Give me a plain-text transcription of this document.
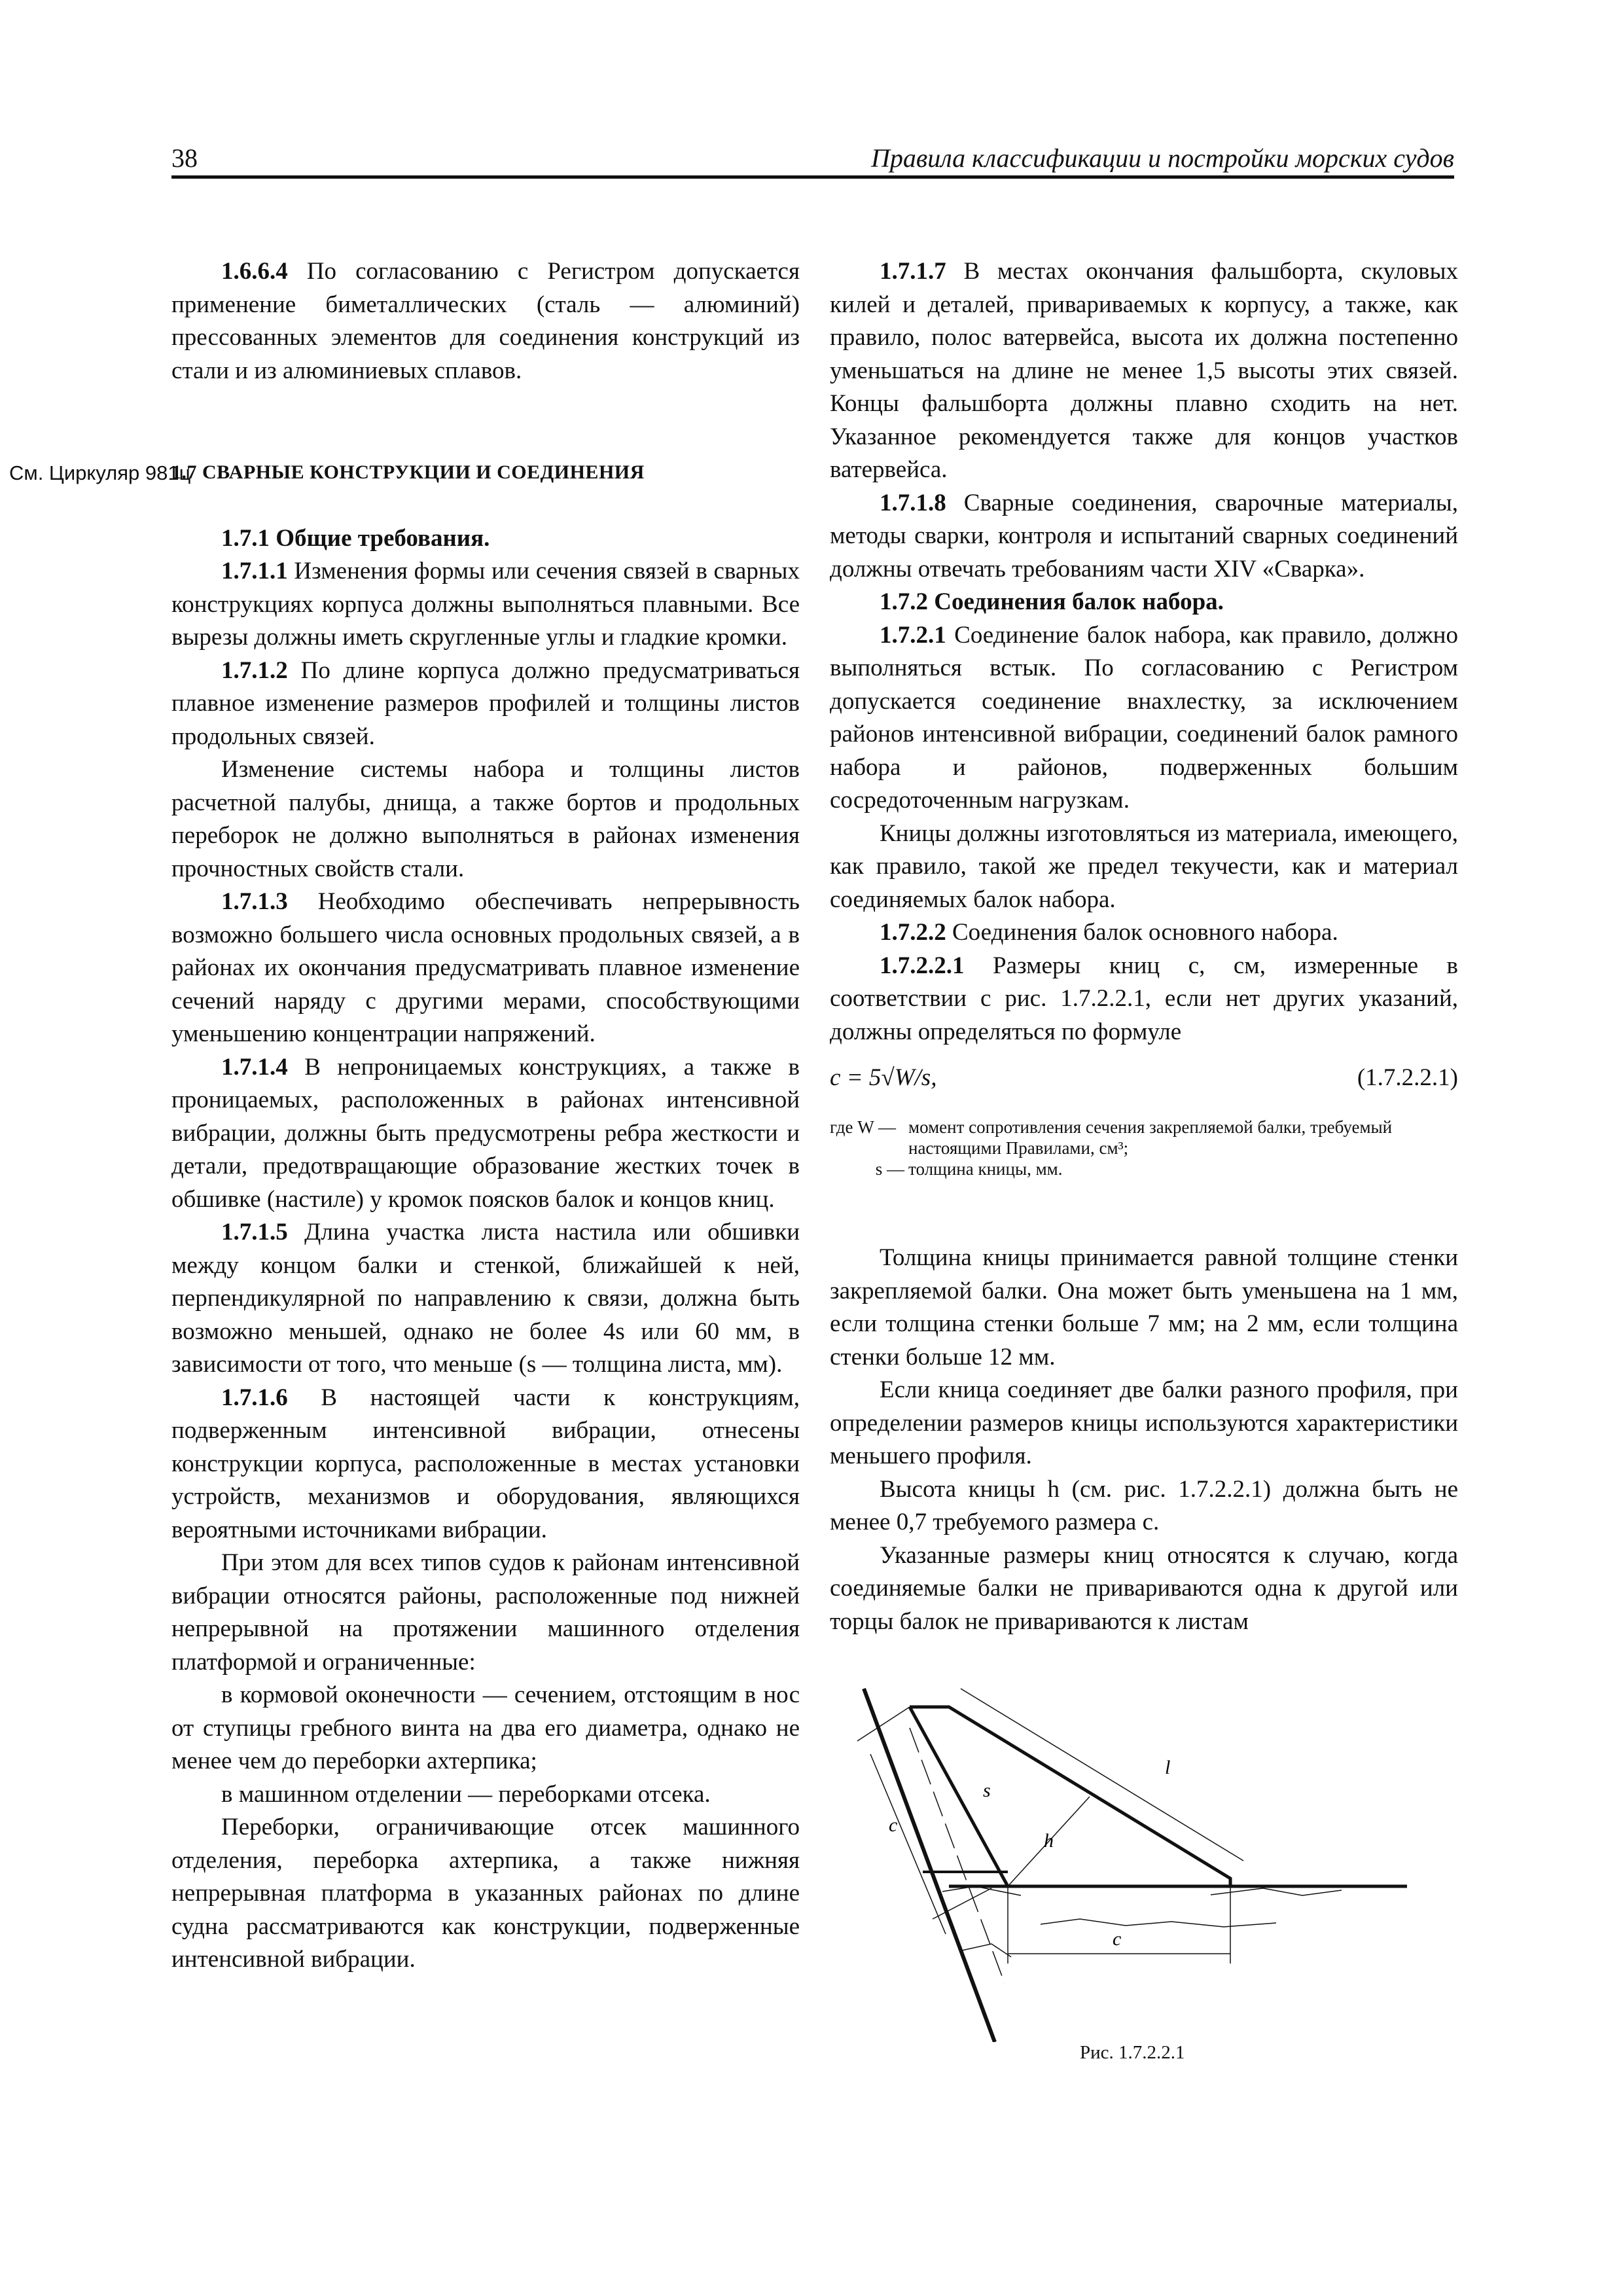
38	Правила классификации и постройки морских судов
См. Циркуляр 981ц

1.6.6.4 По согласованию с Регистром допускается применение биметаллических (сталь — алюминий) прессованных элементов для соединения конструкций из стали и из алюминиевых сплавов.

1.7 СВАРНЫЕ КОНСТРУКЦИИ И СОЕДИНЕНИЯ

1.7.1 Общие требования.

1.7.1.1 Изменения формы или сечения связей в сварных конструкциях корпуса должны выполняться плавными. Все вырезы должны иметь скругленные углы и гладкие кромки.

1.7.1.2 По длине корпуса должно предусматриваться плавное изменение размеров профилей и толщины листов продольных связей.

Изменение системы набора и толщины листов расчетной палубы, днища, а также бортов и продольных переборок не должно выполняться в районах изменения прочностных свойств стали.

1.7.1.3 Необходимо обеспечивать непрерывность возможно большего числа основных продольных связей, а в районах их окончания предусматривать плавное изменение сечений наряду с другими мерами, способствующими уменьшению концентрации напряжений.

1.7.1.4 В непроницаемых конструкциях, а также в проницаемых, расположенных в районах интенсивной вибрации, должны быть предусмотрены ребра жесткости и детали, предотвращающие образование жестких точек в обшивке (настиле) у кромок поясков балок и концов книц.

1.7.1.5 Длина участка листа настила или обшивки между концом балки и стенкой, ближайшей к ней, перпендикулярной по направлению к связи, должна быть возможно меньшей, однако не более 4s или 60 мм, в зависимости от того, что меньше (s — толщина листа, мм).

1.7.1.6 В настоящей части к конструкциям, подверженным интенсивной вибрации, отнесены конструкции корпуса, расположенные в местах установки устройств, механизмов и оборудования, являющихся вероятными источниками вибрации.

При этом для всех типов судов к районам интенсивной вибрации относятся районы, расположенные под нижней непрерывной на протяжении машинного отделения платформой и ограниченные:

в кормовой оконечности — сечением, отстоящим в нос от ступицы гребного винта на два его диаметра, однако не менее чем до переборки ахтерпика;

в машинном отделении — переборками отсека.

Переборки, ограничивающие отсек машинного отделения, переборка ахтерпика, а также нижняя непрерывная платформа в указанных районах по длине судна рассматриваются как конструкции, подверженные интенсивной вибрации.

1.7.1.7 В местах окончания фальшборта, скуловых килей и деталей, привариваемых к корпусу, а также, как правило, полос ватервейса, высота их должна постепенно уменьшаться на длине не менее 1,5 высоты этих связей. Концы фальшборта должны плавно сходить на нет. Указанное рекомендуется также для концов участков ватервейса.

1.7.1.8 Сварные соединения, сварочные материалы, методы сварки, контроля и испытаний сварных соединений должны отвечать требованиям части XIV «Сварка».

1.7.2 Соединения балок набора.

1.7.2.1 Соединение балок набора, как правило, должно выполняться встык. По согласованию с Регистром допускается соединение внахлестку, за исключением районов интенсивной вибрации, соединений балок рамного набора и районов, подверженных большим сосредоточенным нагрузкам.

Кницы должны изготовляться из материала, имеющего, как правило, такой же предел текучести, как и материал соединяемых балок набора.

1.7.2.2 Соединения балок основного набора.

1.7.2.2.1 Размеры книц c, см, измеренные в соответствии с рис. 1.7.2.2.1, если нет других указаний, должны определяться по формуле

c = 5√W/s,	(1.7.2.2.1)
где W — момент сопротивления сечения закрепляемой балки, требуемый настоящими Правилами, см³;
s — толщина кницы, мм.

Толщина кницы принимается равной толщине стенки закрепляемой балки. Она может быть уменьшена на 1 мм, если толщина стенки больше 7 мм; на 2 мм, если толщина стенки больше 12 мм.

Если кница соединяет две балки разного профиля, при определении размеров кницы используются характеристики меньшего профиля.

Высота кницы h (см. рис. 1.7.2.2.1) должна быть не менее 0,7 требуемого размера c.

Указанные размеры книц относятся к случаю, когда соединяемые балки не привариваются одна к другой или торцы балок не привариваются к листам

l
s
h
c
c
Рис. 1.7.2.2.1
